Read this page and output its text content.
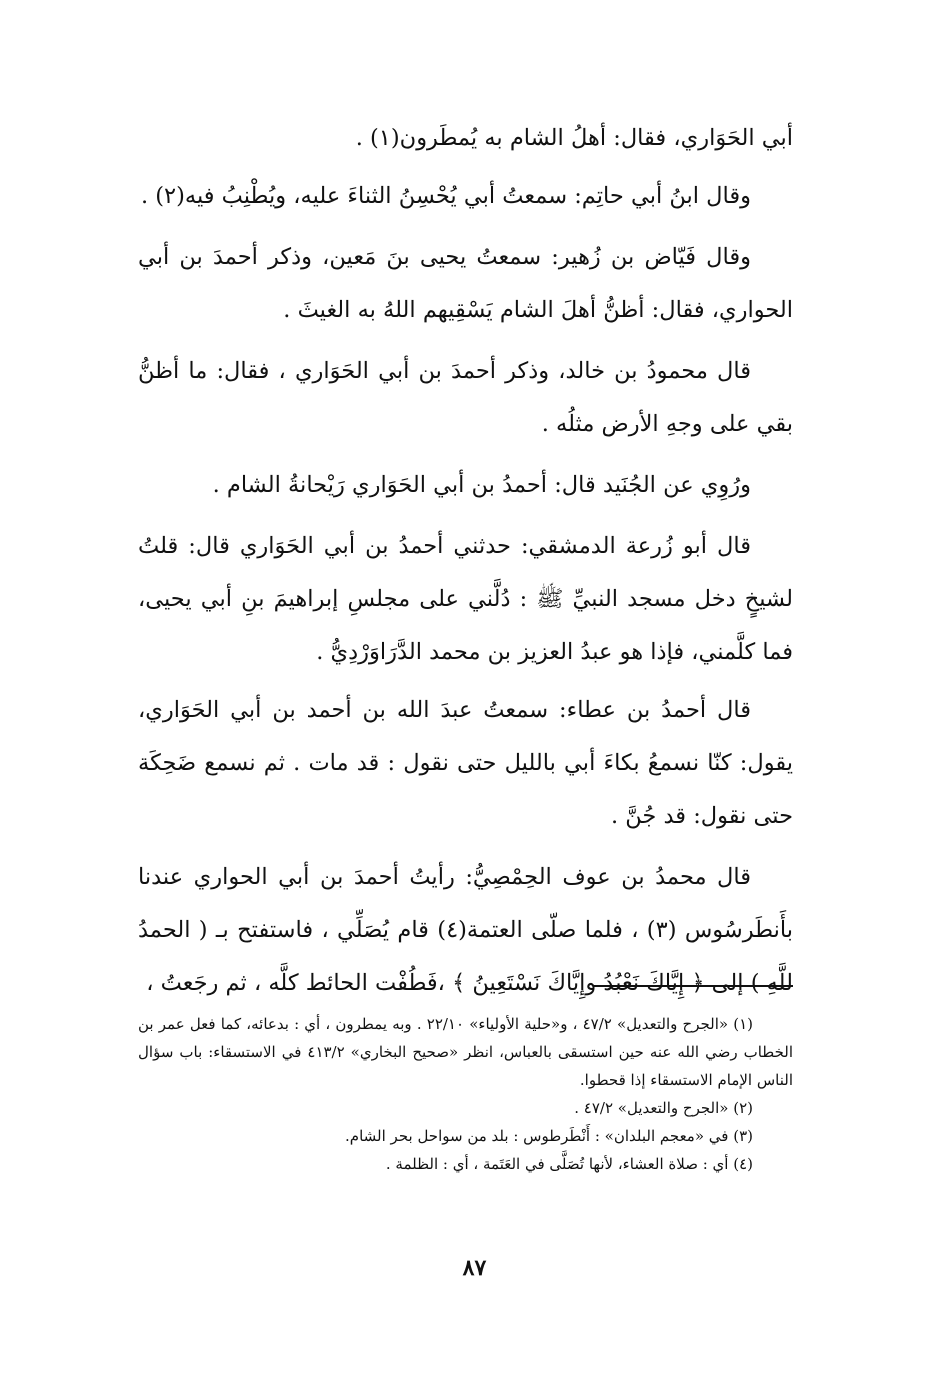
أبي الحَوَاري، فقال: أهلُ الشام به يُمطَرون(١) .

وقال ابنُ أبي حاتِم: سمعتُ أبي يُحْسِنُ الثناءَ عليه، ويُطْنِبُ فيه(٢) .

وقال فَيّاض بن زُهير: سمعتُ يحيى بنَ مَعين، وذكر أحمدَ بن أبي الحواري، فقال: أظنُّ أهلَ الشام يَسْقِيهم اللهُ به الغيثَ .

قال محمودُ بن خالد، وذكر أحمدَ بن أبي الحَوَاري ، فقال: ما أظنُّ بقي على وجهِ الأرض مثلُه .

ورُوِي عن الجُنَيد قال: أحمدُ بن أبي الحَوَاري رَيْحانةُ الشام .

قال أبو زُرعة الدمشقي: حدثني أحمدُ بن أبي الحَوَاري قال: قلتُ لشيخٍ دخل مسجد النبيِّ ﷺ : دُلَّني على مجلسِ إبراهيمَ بنِ أبي يحيى، فما كلَّمني، فإذا هو عبدُ العزيز بن محمد الدَّرَاوَرْدِيُّ .

قال أحمدُ بن عطاء: سمعتُ عبدَ الله بن أحمد بن أبي الحَوَاري، يقول: كنّا نسمعُ بكاءَ أبي بالليل حتى نقول : قد مات . ثم نسمع ضَحِكَة حتى نقول: قد جُنَّ .

قال محمدُ بن عوف الحِمْصِيُّ: رأيتُ أحمدَ بن أبي الحواري عندنا بأَنطَرسُوس (٣) ، فلما صلّى العتمة(٤) قام يُصَلِّي ، فاستفتح بـ ( الحمدُ للَّهِ ) إلى ﴿ إِيَّاكَ نَعْبُدُ وإِيَّاكَ نَسْتَعِينُ ﴾ ،فَطُفْت الحائط كلَّه ، ثم رجَعتُ ،

(١) «الجرح والتعديل» ٤٧/٢ ، و«حلية الأولياء» ٢٢/١٠ . وبه يمطرون ، أي : بدعائه، كما فعل عمر بن الخطاب رضي الله عنه حين استسقى بالعباس، انظر «صحيح البخاري» ٤١٣/٢ في الاستسقاء: باب سؤال الناس الإمام الاستسقاء إذا قحطوا.

(٢) «الجرح والتعديل» ٤٧/٢ .

(٣) في «معجم البلدان» : أَنْطَرطوس : بلد من سواحل بحر الشام.

(٤) أي : صلاة العشاء، لأنها تُصَلَّى في العَتَمة ، أي : الظلمة .

٨٧
